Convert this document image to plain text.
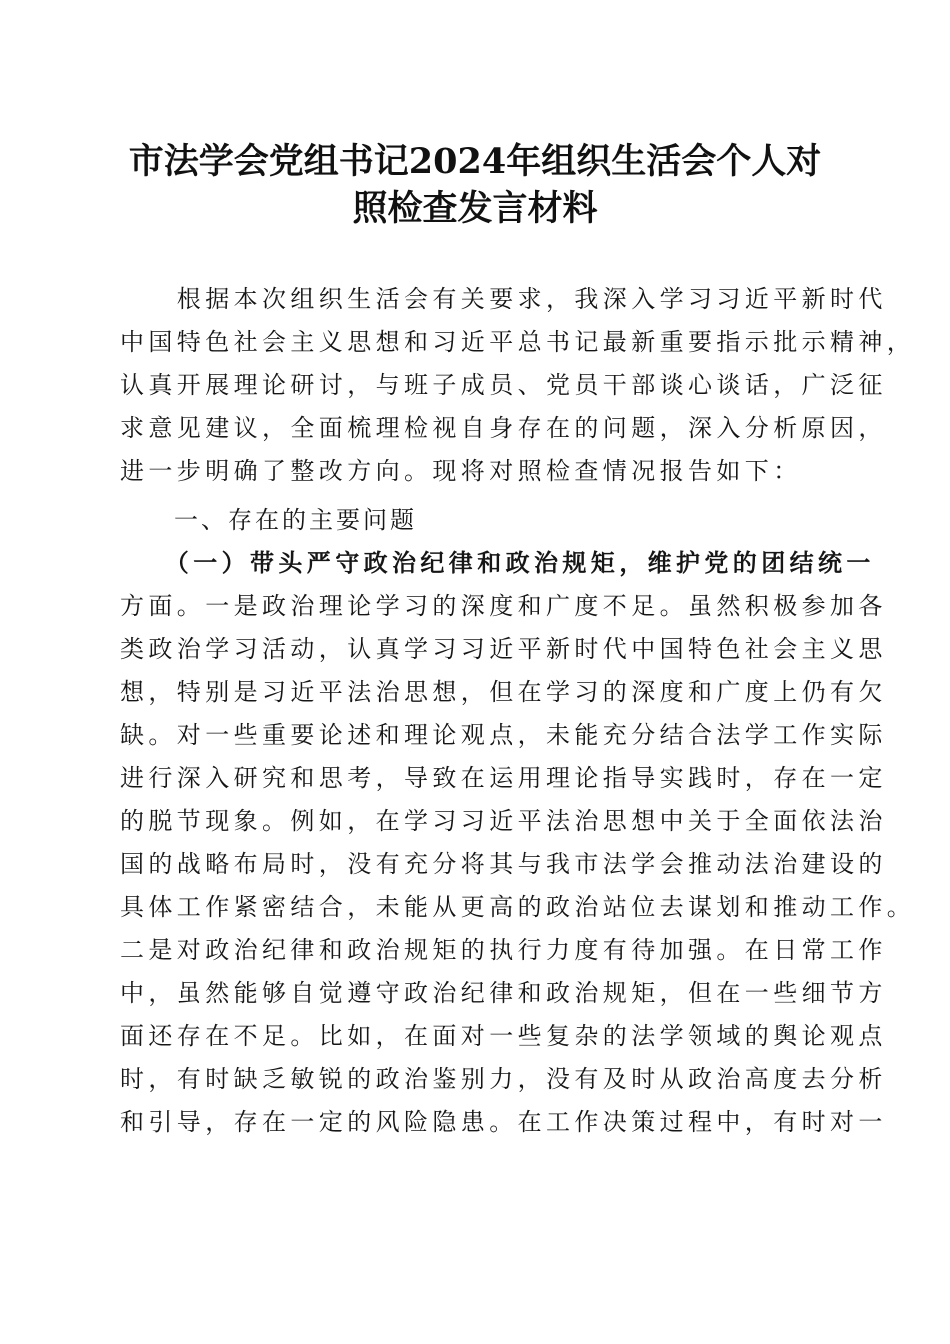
市法学会党组书记2024年组织生活会个人对
照检查发言材料
　　根据本次组织生活会有关要求，我深入学习习近平新时代
中国特色社会主义思想和习近平总书记最新重要指示批示精神，
认真开展理论研讨，与班子成员、党员干部谈心谈话，广泛征
求意见建议，全面梳理检视自身存在的问题，深入分析原因，
进一步明确了整改方向。现将对照检查情况报告如下：
　　一、存在的主要问题
　　（一）带头严守政治纪律和政治规矩，维护党的团结统一
方面。一是政治理论学习的深度和广度不足。虽然积极参加各
类政治学习活动，认真学习习近平新时代中国特色社会主义思
想，特别是习近平法治思想，但在学习的深度和广度上仍有欠
缺。对一些重要论述和理论观点，未能充分结合法学工作实际
进行深入研究和思考，导致在运用理论指导实践时，存在一定
的脱节现象。例如，在学习习近平法治思想中关于全面依法治
国的战略布局时，没有充分将其与我市法学会推动法治建设的
具体工作紧密结合，未能从更高的政治站位去谋划和推动工作。
二是对政治纪律和政治规矩的执行力度有待加强。在日常工作
中，虽然能够自觉遵守政治纪律和政治规矩，但在一些细节方
面还存在不足。比如，在面对一些复杂的法学领域的舆论观点
时，有时缺乏敏锐的政治鉴别力，没有及时从政治高度去分析
和引导，存在一定的风险隐患。在工作决策过程中，有时对一
